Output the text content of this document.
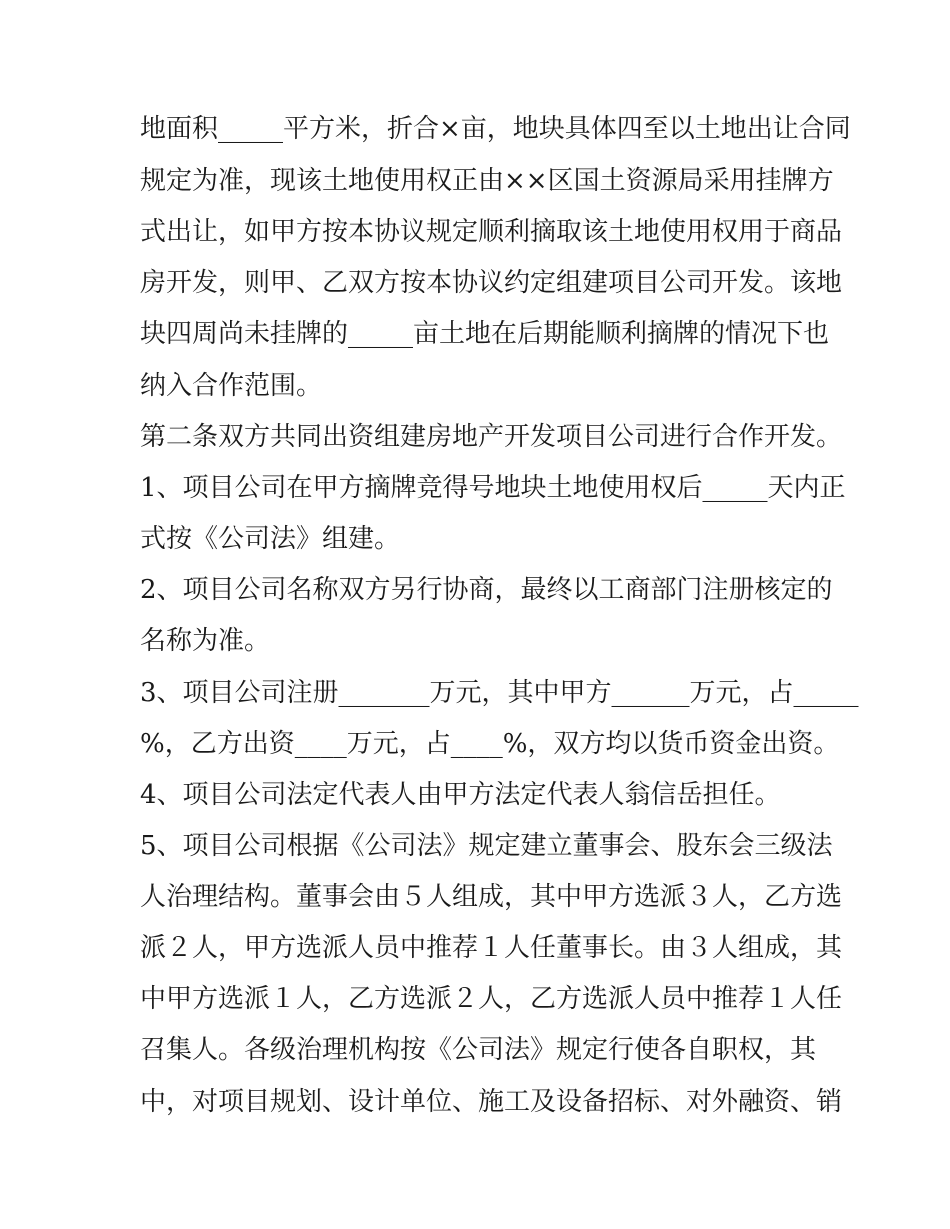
地面积_____平方米，折合×亩，地块具体四至以土地出让合同
规定为准，现该土地使用权正由××区国土资源局采用挂牌方
式出让，如甲方按本协议规定顺利摘取该土地使用权用于商品
房开发，则甲、乙双方按本协议约定组建项目公司开发。该地
块四周尚未挂牌的_____亩土地在后期能顺利摘牌的情况下也
纳入合作范围。
第二条双方共同出资组建房地产开发项目公司进行合作开发。
1、项目公司在甲方摘牌竞得号地块土地使用权后_____天内正
式按《公司法》组建。
2、项目公司名称双方另行协商，最终以工商部门注册核定的
名称为准。
3、项目公司注册_______万元，其中甲方______万元，占_____
%，乙方出资____万元，占____%，双方均以货币资金出资。
4、项目公司法定代表人由甲方法定代表人翁信岳担任。
5、项目公司根据《公司法》规定建立董事会、股东会三级法
人治理结构。董事会由５人组成，其中甲方选派３人，乙方选
派２人，甲方选派人员中推荐１人任董事长。由３人组成，其
中甲方选派１人，乙方选派２人，乙方选派人员中推荐１人任
召集人。各级治理机构按《公司法》规定行使各自职权，其
中，对项目规划、设计单位、施工及设备招标、对外融资、销
